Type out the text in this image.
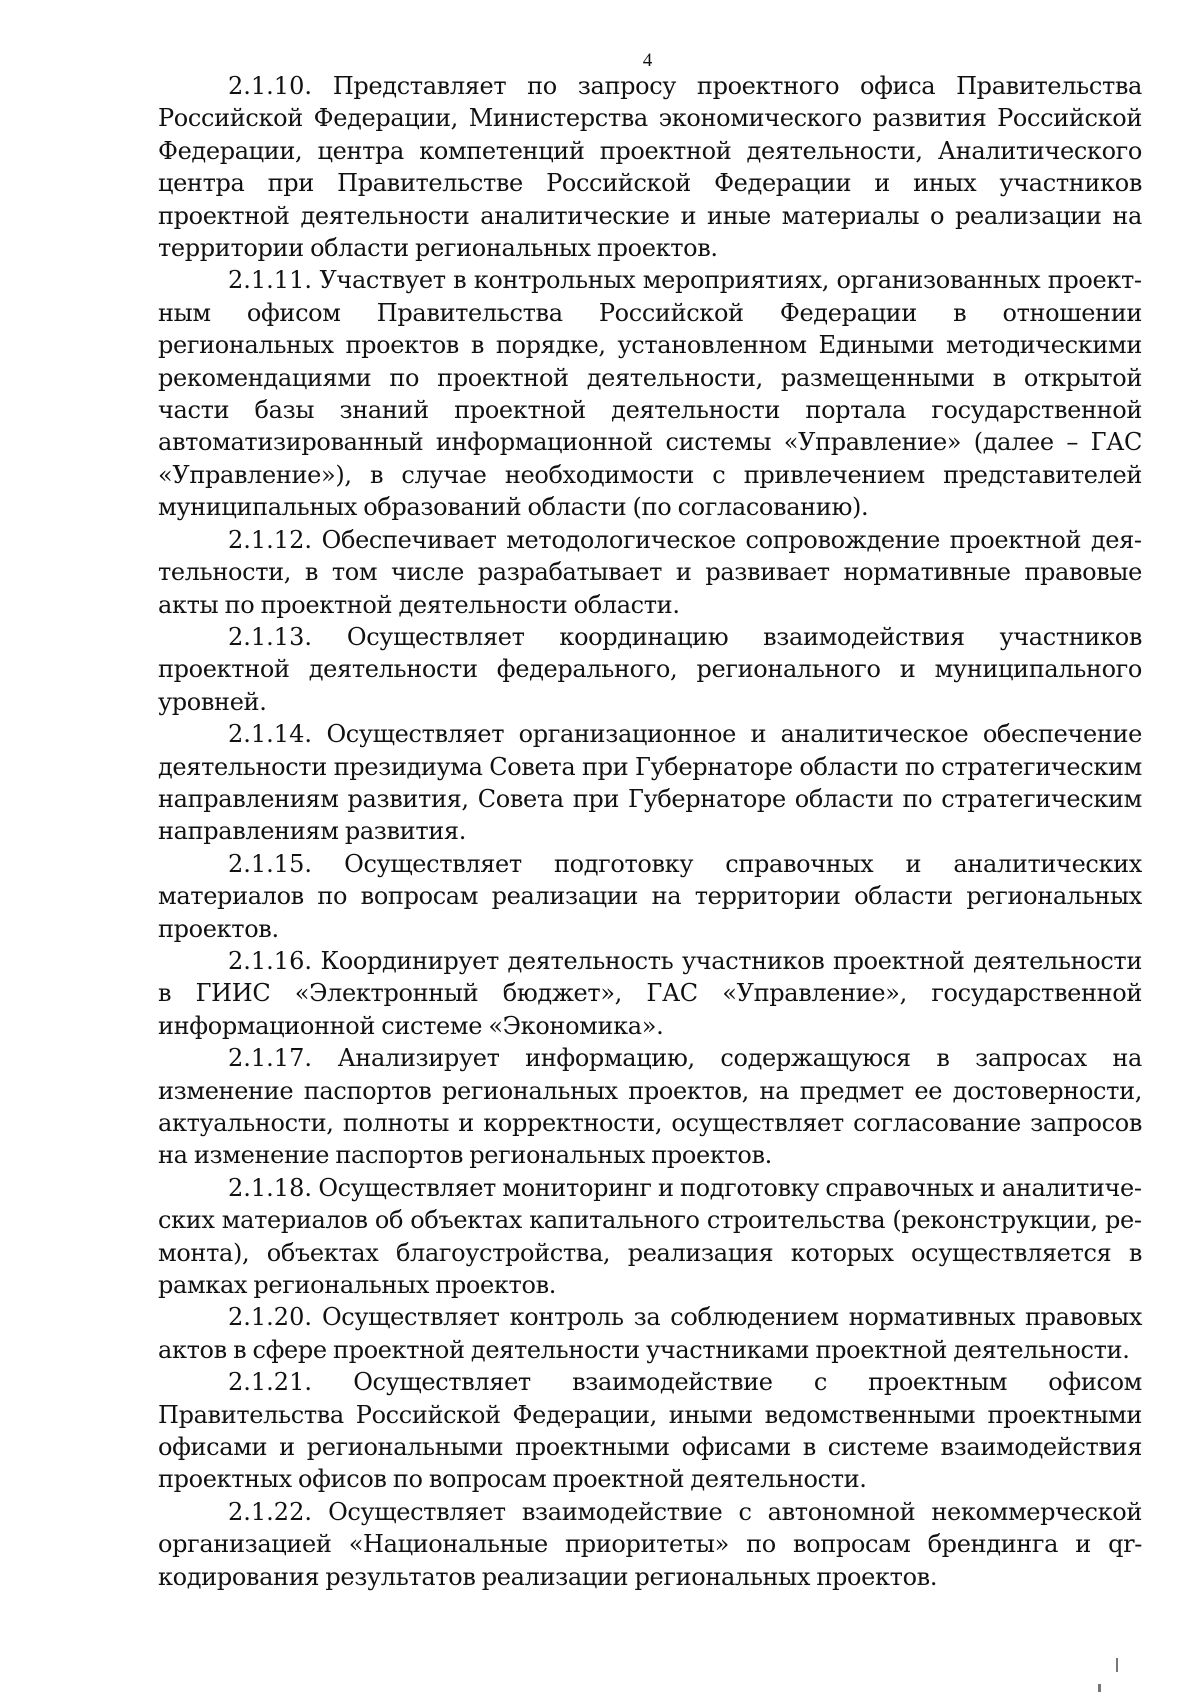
4

2.1.10. Представляет по запросу проектного офиса Правительства Российской Федерации, Министерства экономического развития Российской Федерации, центра компетенций проектной деятельности, Аналитического центра при Правительстве Российской Федерации и иных участников проектной деятельности аналитические и иные материалы о реализации на территории области региональных проектов.

2.1.11. Участвует в контрольных мероприятиях, организованных проектным офисом Правительства Российской Федерации в отношении региональных проектов в порядке, установленном Едиными методическими рекомендациями по проектной деятельности, размещенными в открытой части базы знаний проектной деятельности портала государственной автоматизированный информационной системы «Управление» (далее – ГАС «Управление»), в случае необходимости с привлечением представителей муниципальных образований области (по согласованию).

2.1.12. Обеспечивает методологическое сопровождение проектной деятельности, в том числе разрабатывает и развивает нормативные правовые акты по проектной деятельности области.

2.1.13. Осуществляет координацию взаимодействия участников проектной деятельности федерального, регионального и муниципального уровней.

2.1.14. Осуществляет организационное и аналитическое обеспечение деятельности президиума Совета при Губернаторе области по стратегическим направлениям развития, Совета при Губернаторе области по стратегическим направлениям развития.

2.1.15. Осуществляет подготовку справочных и аналитических материалов по вопросам реализации на территории области региональных проектов.

2.1.16. Координирует деятельность участников проектной деятельности в ГИИС «Электронный бюджет», ГАС «Управление», государственной информационной системе «Экономика».

2.1.17. Анализирует информацию, содержащуюся в запросах на изменение паспортов региональных проектов, на предмет ее достоверности, актуальности, полноты и корректности, осуществляет согласование запросов на изменение паспортов региональных проектов.

2.1.18. Осуществляет мониторинг и подготовку справочных и аналитических материалов об объектах капитального строительства (реконструкции, ремонта), объектах благоустройства, реализация которых осуществляется в рамках региональных проектов.

2.1.20. Осуществляет контроль за соблюдением нормативных правовых актов в сфере проектной деятельности участниками проектной деятельности.

2.1.21. Осуществляет взаимодействие с проектным офисом Правительства Российской Федерации, иными ведомственными проектными офисами и региональными проектными офисами в системе взаимодействия проектных офисов по вопросам проектной деятельности.

2.1.22. Осуществляет взаимодействие с автономной некоммерческой организацией «Национальные приоритеты» по вопросам брендинга и qr-кодирования результатов реализации региональных проектов.
